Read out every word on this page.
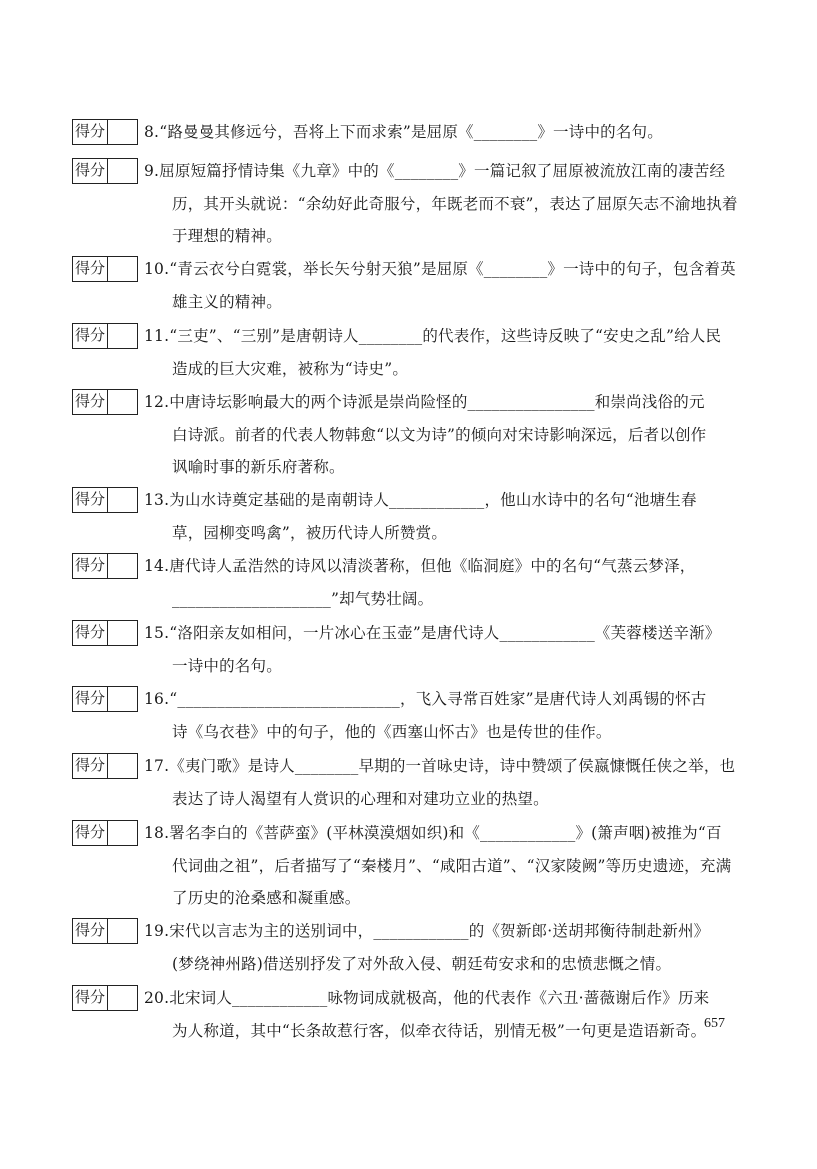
得分	8.“路曼曼其修远兮，吾将上下而求索”是屈原《________》一诗中的名句。
得分	9.屈原短篇抒情诗集《九章》中的《________》一篇记叙了屈原被流放江南的凄苦经
历，其开头就说：“余幼好此奇服兮，年既老而不衰”，表达了屈原矢志不渝地执着
于理想的精神。
得分	10.“青云衣兮白霓裳，举长矢兮射天狼”是屈原《________》一诗中的句子，包含着英
雄主义的精神。
得分	11.“三吏”、“三别”是唐朝诗人________的代表作，这些诗反映了“安史之乱”给人民
造成的巨大灾难，被称为“诗史”。
得分	12.中唐诗坛影响最大的两个诗派是崇尚险怪的________________和崇尚浅俗的元
白诗派。前者的代表人物韩愈“以文为诗”的倾向对宋诗影响深远，后者以创作
讽喻时事的新乐府著称。
得分	13.为山水诗奠定基础的是南朝诗人____________，他山水诗中的名句“池塘生春
草，园柳变鸣禽”，被历代诗人所赞赏。
得分	14.唐代诗人孟浩然的诗风以清淡著称，但他《临洞庭》中的名句“气蒸云梦泽，
____________________”却气势壮阔。
得分	15.“洛阳亲友如相问，一片冰心在玉壶”是唐代诗人____________《芙蓉楼送辛渐》
一诗中的名句。
得分	16.“____________________________，飞入寻常百姓家”是唐代诗人刘禹锡的怀古
诗《乌衣巷》中的句子，他的《西塞山怀古》也是传世的佳作。
得分	17.《夷门歌》是诗人________早期的一首咏史诗，诗中赞颂了侯嬴慷慨任侠之举，也
表达了诗人渴望有人赏识的心理和对建功立业的热望。
得分	18.署名李白的《菩萨蛮》(平林漠漠烟如织)和《____________》(箫声咽)被推为“百
代词曲之祖”，后者描写了“秦楼月”、“咸阳古道”、“汉家陵阙”等历史遗迹，充满
了历史的沧桑感和凝重感。
得分	19.宋代以言志为主的送别词中，____________的《贺新郎·送胡邦衡待制赴新州》
(梦绕神州路)借送别抒发了对外敌入侵、朝廷苟安求和的忠愤悲慨之情。
得分	20.北宋词人____________咏物词成就极高，他的代表作《六丑·蔷薇谢后作》历来
为人称道，其中“长条故惹行客，似牵衣待话，别情无极”一句更是造语新奇。
657
